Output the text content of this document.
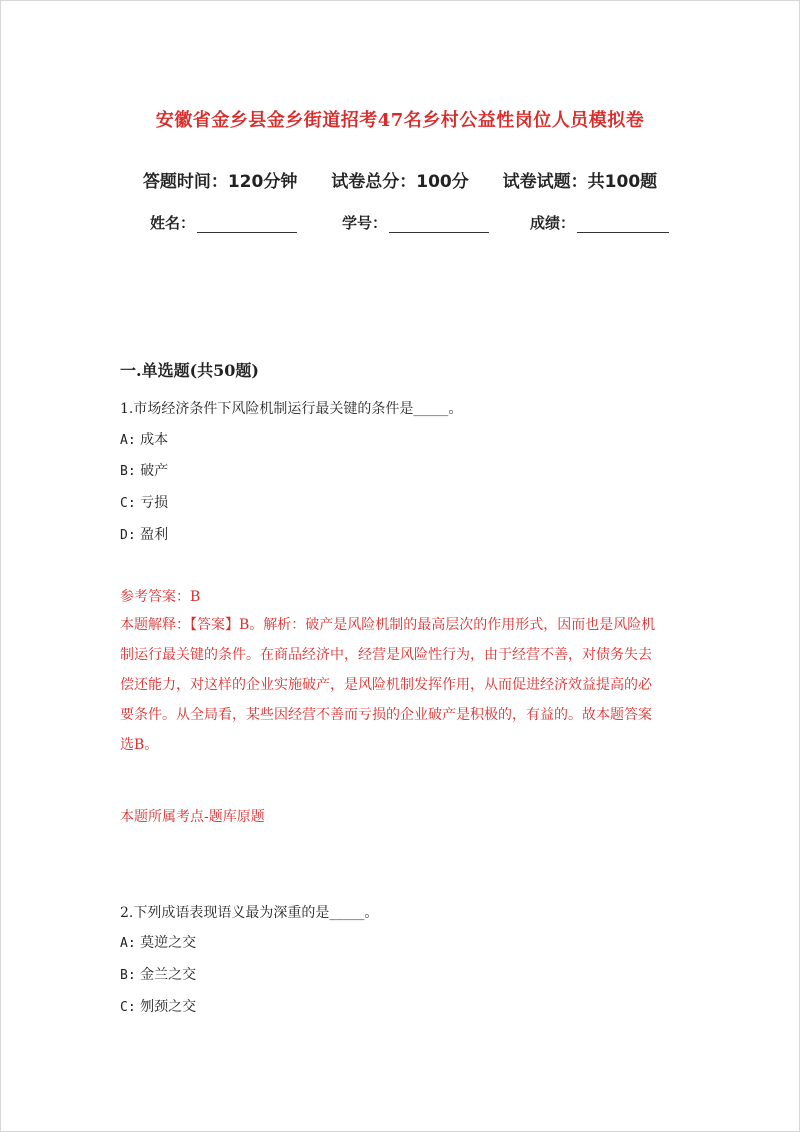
安徽省金乡县金乡街道招考47名乡村公益性岗位人员模拟卷
答题时间：120分钟 试卷总分：100分 试卷试题：共100题
姓名：	学号：	成绩：
一.单选题(共50题)
1.市场经济条件下风险机制运行最关键的条件是_____。
A: 成本
B: 破产
C: 亏损
D: 盈利
参考答案：B
本题解释：【答案】B。解析：破产是风险机制的最高层次的作用形式，因而也是风险机制运行最关键的条件。在商品经济中，经营是风险性行为，由于经营不善，对债务失去偿还能力，对这样的企业实施破产，是风险机制发挥作用，从而促进经济效益提高的必要条件。从全局看，某些因经营不善而亏损的企业破产是积极的，有益的。故本题答案选B。
本题所属考点-题库原题
2.下列成语表现语义最为深重的是_____。
A: 莫逆之交
B: 金兰之交
C: 刎颈之交
